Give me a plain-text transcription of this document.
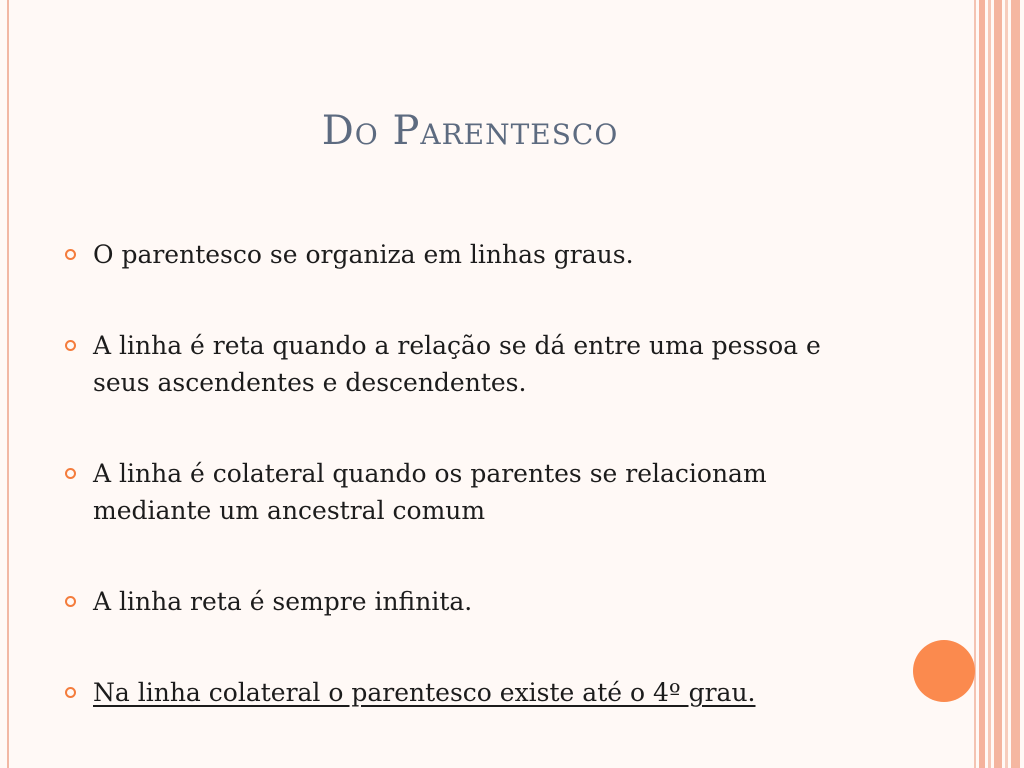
Do Parentesco
O parentesco se organiza em linhas graus.
A linha é reta quando a relação se dá entre uma pessoa e seus ascendentes e descendentes.
A linha é colateral quando os parentes se relacionam mediante um ancestral comum
A linha reta é sempre infinita.
Na linha colateral o parentesco existe até o 4º grau.
